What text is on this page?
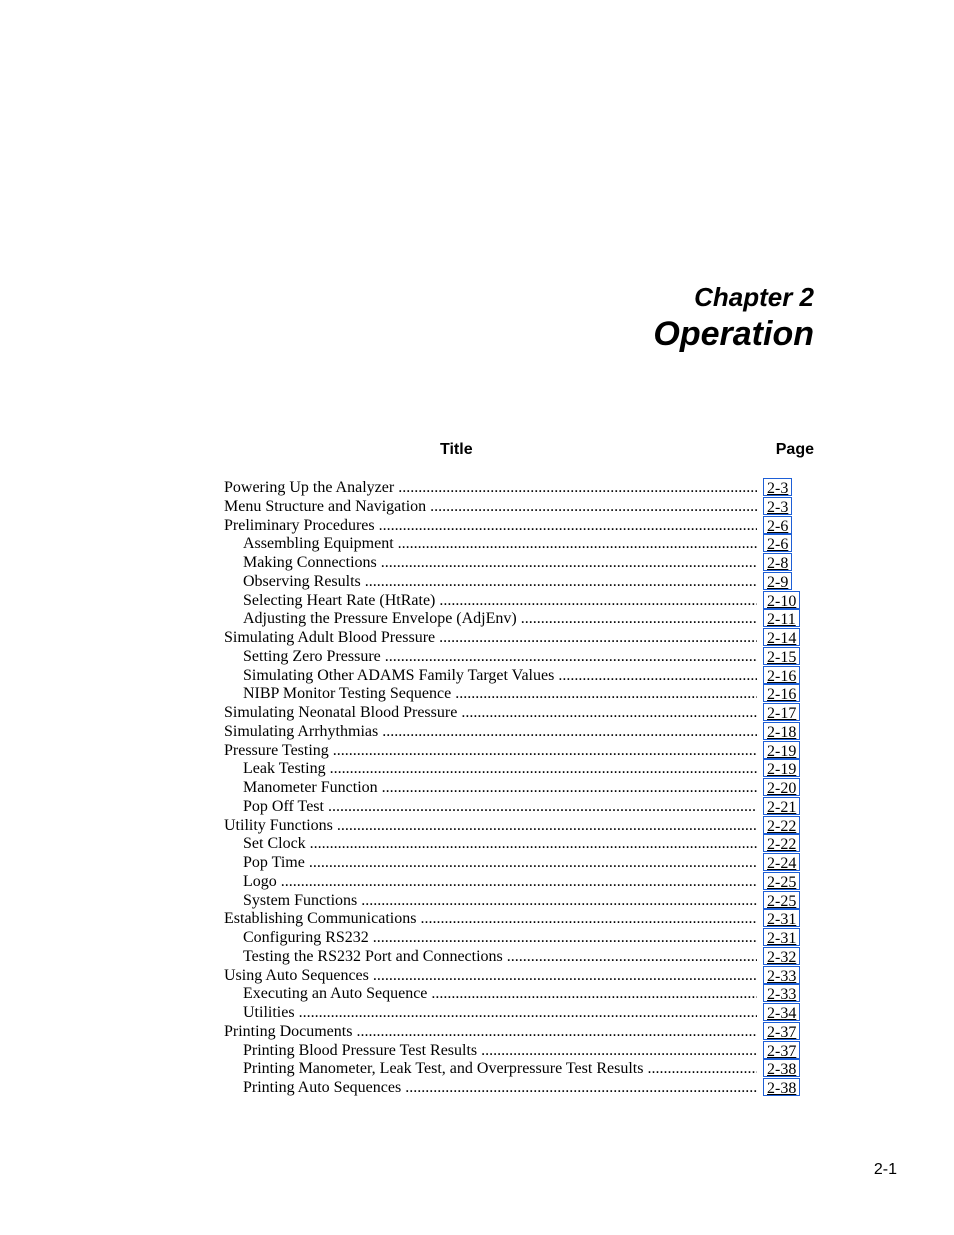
Chapter 2
Operation
Title	Page
Powering Up the Analyzer .....	2-3
Menu Structure and Navigation .....	2-3
Preliminary Procedures .....	2-6
Assembling Equipment .....	2-6
Making Connections .....	2-8
Observing Results .....	2-9
Selecting Heart Rate (HtRate) .....	2-10
Adjusting the Pressure Envelope (AdjEnv) .....	2-11
Simulating Adult Blood Pressure .....	2-14
Setting Zero Pressure .....	2-15
Simulating Other ADAMS Family Target Values .....	2-16
NIBP Monitor Testing Sequence .....	2-16
Simulating Neonatal Blood Pressure .....	2-17
Simulating Arrhythmias .....	2-18
Pressure Testing .....	2-19
Leak Testing .....	2-19
Manometer Function .....	2-20
Pop Off Test .....	2-21
Utility Functions .....	2-22
Set Clock .....	2-22
Pop Time .....	2-24
Logo .....	2-25
System Functions .....	2-25
Establishing Communications .....	2-31
Configuring RS232 .....	2-31
Testing the RS232 Port and Connections .....	2-32
Using Auto Sequences .....	2-33
Executing an Auto Sequence .....	2-33
Utilities .....	2-34
Printing Documents .....	2-37
Printing Blood Pressure Test Results .....	2-37
Printing Manometer, Leak Test, and Overpressure Test Results .....	2-38
Printing Auto Sequences .....	2-38
2-1
